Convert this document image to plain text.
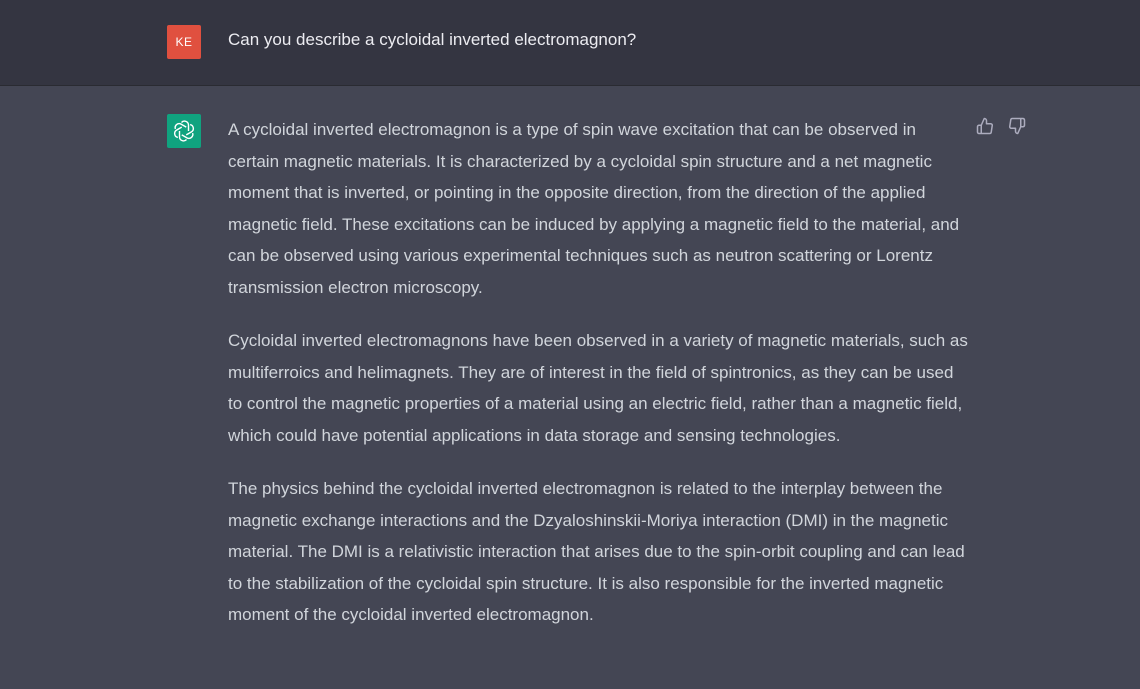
KE	Can you describe a cycloidal inverted electromagnon?

A cycloidal inverted electromagnon is a type of spin wave excitation that can be observed in certain magnetic materials. It is characterized by a cycloidal spin structure and a net magnetic moment that is inverted, or pointing in the opposite direction, from the direction of the applied magnetic field. These excitations can be induced by applying a magnetic field to the material, and can be observed using various experimental techniques such as neutron scattering or Lorentz transmission electron microscopy.

Cycloidal inverted electromagnons have been observed in a variety of magnetic materials, such as multiferroics and helimagnets. They are of interest in the field of spintronics, as they can be used to control the magnetic properties of a material using an electric field, rather than a magnetic field, which could have potential applications in data storage and sensing technologies.

The physics behind the cycloidal inverted electromagnon is related to the interplay between the magnetic exchange interactions and the Dzyaloshinskii-Moriya interaction (DMI) in the magnetic material. The DMI is a relativistic interaction that arises due to the spin-orbit coupling and can lead to the stabilization of the cycloidal spin structure. It is also responsible for the inverted magnetic moment of the cycloidal inverted electromagnon.
